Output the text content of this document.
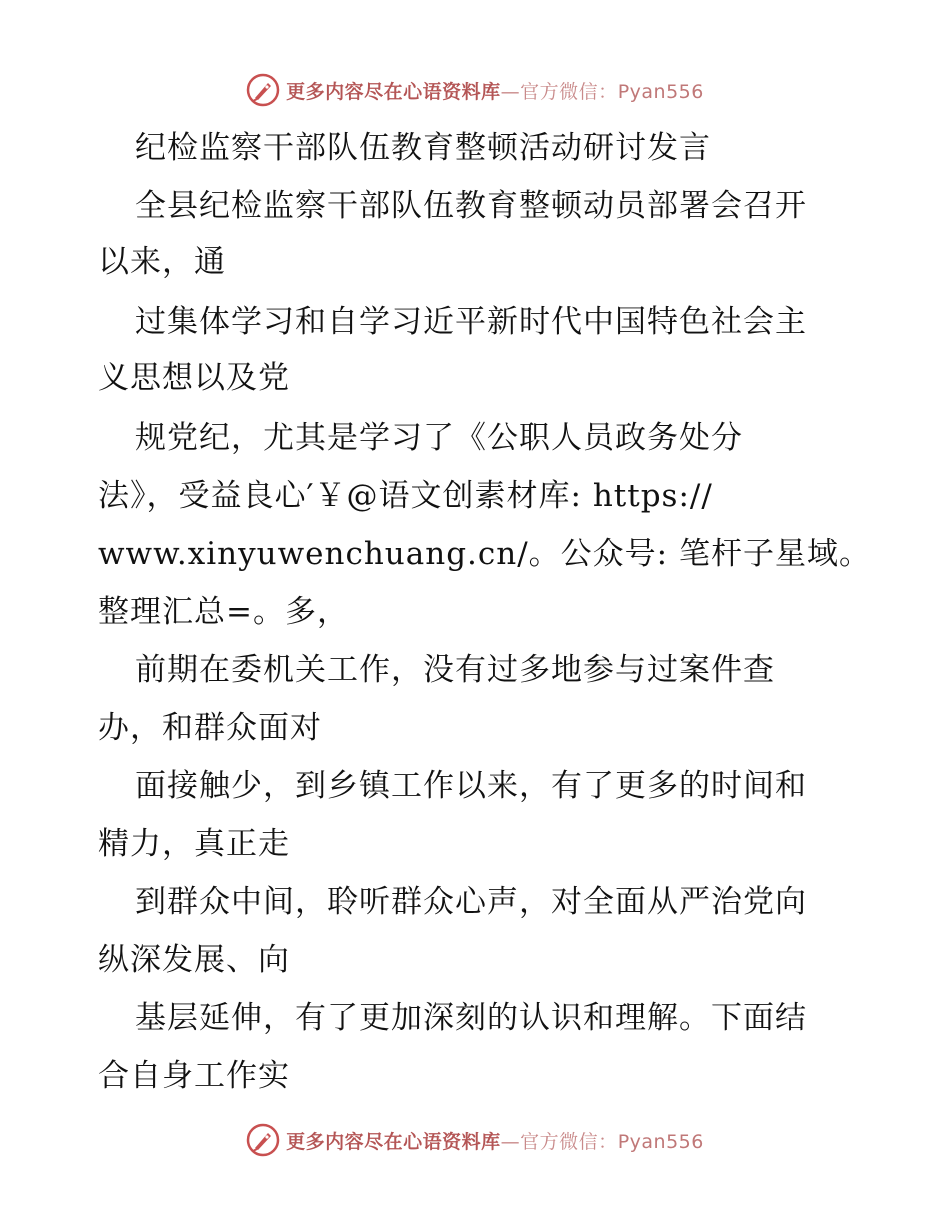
更多内容尽在心语资料库—官方微信：Pyan556
纪检监察干部队伍教育整顿活动研讨发言
全县纪检监察干部队伍教育整顿动员部署会召开
以来，通
过集体学习和自学习近平新时代中国特色社会主
义思想以及党
规党纪，尤其是学习了《公职人员政务处分
法》，受益良心′￥@语文创素材库: https://
www.xinyuwenchuang.cn/。公众号: 笔杆子星域。
整理汇总=。多，
前期在委机关工作，没有过多地参与过案件查
办，和群众面对
面接触少，到乡镇工作以来，有了更多的时间和
精力，真正走
到群众中间，聆听群众心声，对全面从严治党向
纵深发展、向
基层延伸，有了更加深刻的认识和理解。下面结
合自身工作实
更多内容尽在心语资料库—官方微信：Pyan556
